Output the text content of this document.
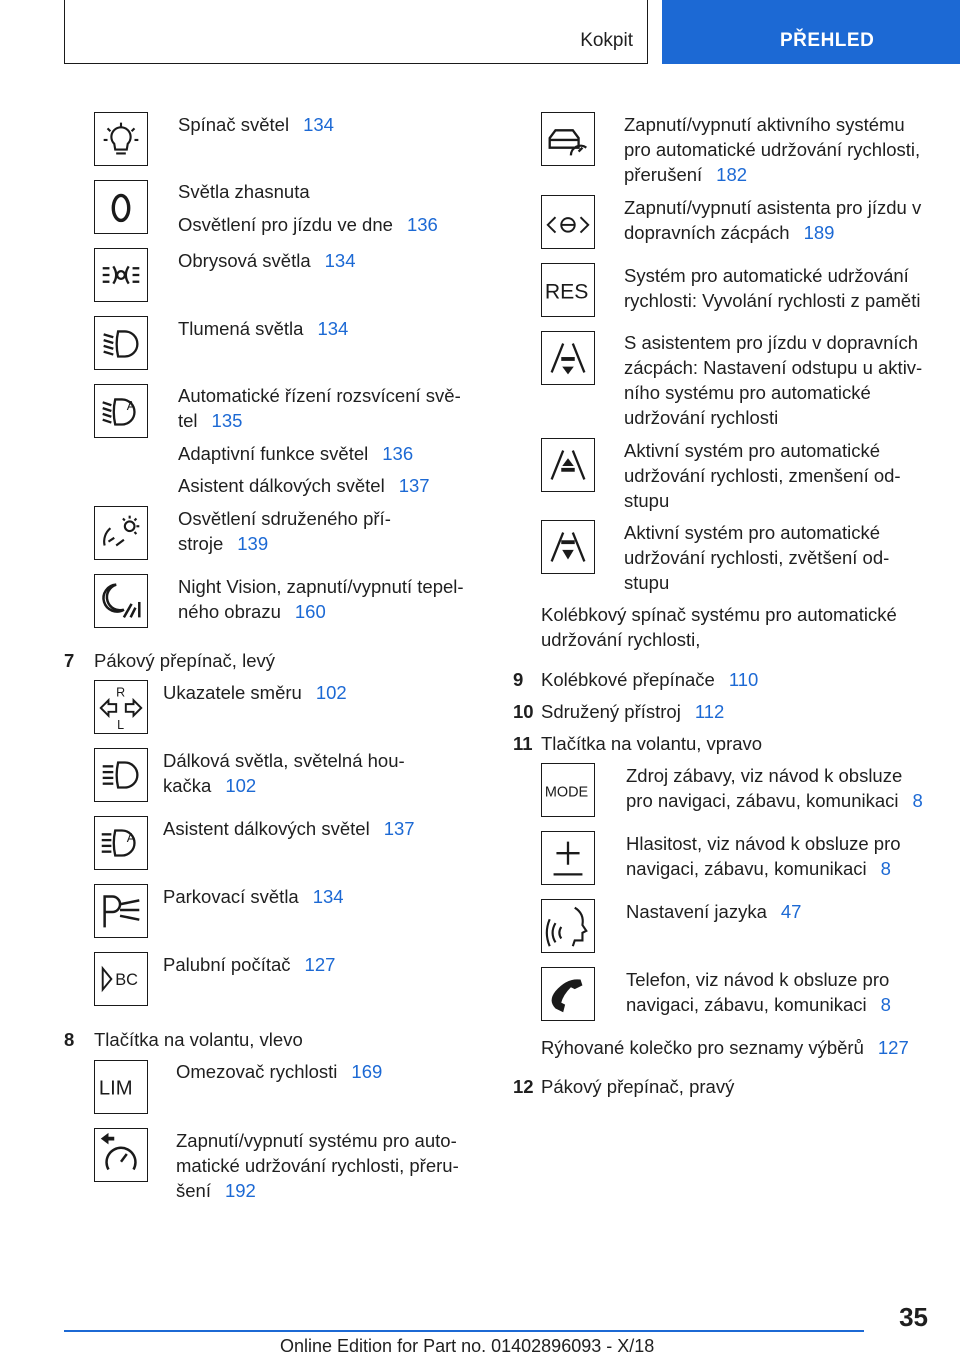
Kokpit	PŘEHLED
Spínač světel 134
Světla zhasnuta
Osvětlení pro jízdu ve dne 136
Obrysová světla 134
Tlumená světla 134
A
Automatické řízení rozsvícení svě-
tel 135
Adaptivní funkce světel 136
Asistent dálkových světel 137
Osvětlení sdruženého pří-
stroje 139
Night Vision, zapnutí/vypnutí tepel-
ného obrazu 160
7 Pákový přepínač, levý
R
L
Ukazatele směru 102
Dálková světla, světelná hou-
kačka 102
A Asistent dálkových světel 137
Parkovací světla 134
BC
Palubní počítač 127
8 Tlačítka na volantu, vlevo
LIM
Omezovač rychlosti 169
Zapnutí/vypnutí systému pro auto-
matické udržování rychlosti, přeru-
šení 192
Zapnutí/vypnutí aktivního systému
pro automatické udržování rychlosti,
přerušení 182
Zapnutí/vypnutí asistenta pro jízdu v
dopravních zácpách 189
RES
Systém pro automatické udržování
rychlosti: Vyvolání rychlosti z paměti
S asistentem pro jízdu v dopravních
zácpách: Nastavení odstupu u aktiv-
ního systému pro automatické
udržování rychlosti
Aktivní systém pro automatické
udržování rychlosti, zmenšení od-
stupu
Aktivní systém pro automatické
udržování rychlosti, zvětšení od-
stupu
Kolébkový spínač systému pro automatické
udržování rychlosti,
9 Kolébkové přepínače 110
10 Sdružený přístroj 112
11 Tlačítka na volantu, vpravo
MODE
Zdroj zábavy, viz návod k obsluze
pro navigaci, zábavu, komunikaci 8
Hlasitost, viz návod k obsluze pro
navigaci, zábavu, komunikaci 8
Nastavení jazyka 47
Telefon, viz návod k obsluze pro
navigaci, zábavu, komunikaci 8
Rýhované kolečko pro seznamy výběrů 127
12 Pákový přepínač, pravý
35
Online Edition for Part no. 01402896093 - X/18
